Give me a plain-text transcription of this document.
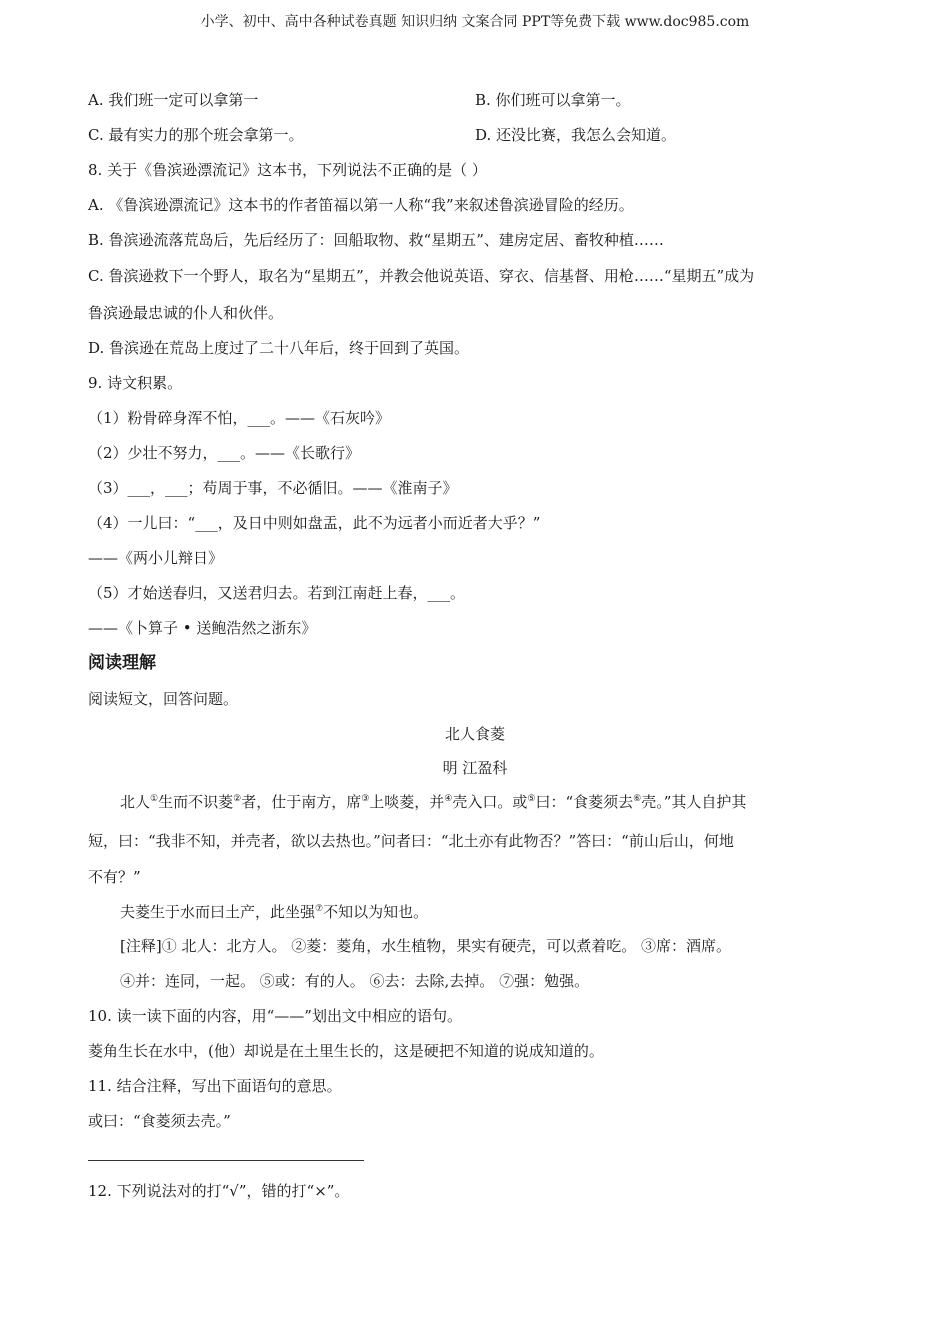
小学、初中、高中各种试卷真题 知识归纳 文案合同 PPT等免费下载 www.doc985.com
A. 我们班一定可以拿第一	B. 你们班可以拿第一。
C. 最有实力的那个班会拿第一。	D. 还没比赛，我怎么会知道。
8. 关于《鲁滨逊漂流记》这本书，下列说法不正确的是（ ）
A. 《鲁滨逊漂流记》这本书的作者笛福以第一人称“我”来叙述鲁滨逊冒险的经历。
B. 鲁滨逊流落荒岛后，先后经历了：回船取物、救“星期五”、建房定居、畜牧种植……
C. 鲁滨逊救下一个野人，取名为“星期五”，并教会他说英语、穿衣、信基督、用枪……“星期五”成为
鲁滨逊最忠诚的仆人和伙伴。
D. 鲁滨逊在荒岛上度过了二十八年后，终于回到了英国。
9. 诗文积累。
（1）粉骨碎身浑不怕，___。——《石灰吟》
（2）少壮不努力，___。——《长歌行》
（3）___，___；苟周于事，不必循旧。——《淮南子》
（4）一儿曰：“___，及日中则如盘盂，此不为远者小而近者大乎？”
——《两小儿辩日》
（5）才始送春归，又送君归去。若到江南赶上春，___。
——《卜算子 • 送鲍浩然之浙东》
阅读理解
阅读短文，回答问题。
北人食菱
明 江盈科
北人①生而不识菱②者，仕于南方，席③上啖菱，并④壳入口。或⑤曰：“食菱须去⑥壳。”其人自护其
短，曰：“我非不知，并壳者，欲以去热也。”问者曰：“北土亦有此物否？”答曰：“前山后山，何地
不有？”
夫菱生于水而曰土产，此坐强⑦不知以为知也。
[注释]① 北人：北方人。 ②菱：菱角，水生植物，果实有硬壳，可以煮着吃。 ③席：酒席。
④并：连同，一起。 ⑤或：有的人。 ⑥去：去除,去掉。 ⑦强：勉强。
10. 读一读下面的内容，用“——”划出文中相应的语句。
菱角生长在水中，(他）却说是在土里生长的，这是硬把不知道的说成知道的。
11. 结合注释，写出下面语句的意思。
或曰：“食菱须去壳。”
12. 下列说法对的打“√”，错的打“×”。
